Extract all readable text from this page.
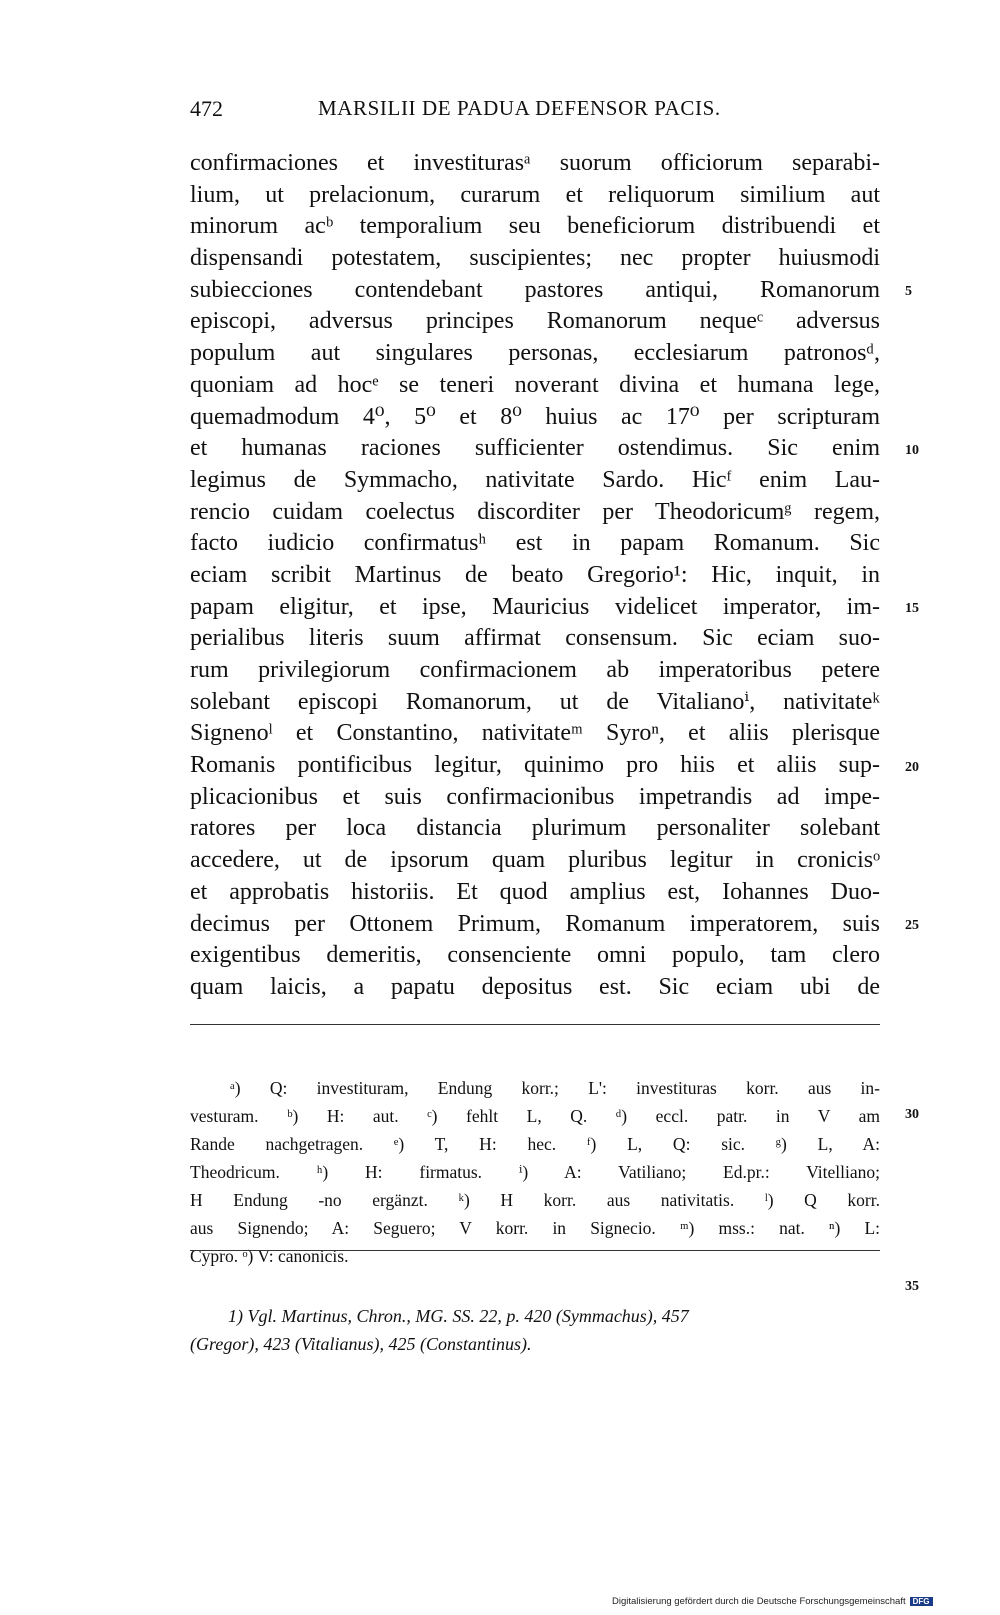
472	MARSILII DE PADUA DEFENSOR PACIS.
confirmaciones et investiturasᵃ suorum officiorum separabi-
lium, ut prelacionum, curarum et reliquorum similium aut
minorum acᵇ temporalium seu beneficiorum distribuendi et
dispensandi potestatem, suscipientes; nec propter huiusmodi
subiecciones contendebant pastores antiqui, Romanorum
episcopi, adversus principes Romanorum nequeᶜ adversus
populum aut singulares personas, ecclesiarum patronosᵈ,
quoniam ad hocᵉ se teneri noverant divina et humana lege,
quemadmodum 4⁰, 5⁰ et 8⁰ huius ac 17⁰ per scripturam
et humanas raciones sufficienter ostendimus. Sic enim
legimus de Symmacho, nativitate Sardo. Hicᶠ enim Lau-
rencio cuidam coelectus discorditer per Theodoricumᵍ regem,
facto iudicio confirmatusʰ est in papam Romanum. Sic
eciam scribit Martinus de beato Gregorio¹: Hic, inquit, in
papam eligitur, et ipse, Mauricius videlicet imperator, im-
perialibus literis suum affirmat consensum. Sic eciam suo-
rum privilegiorum confirmacionem ab imperatoribus petere
solebant episcopi Romanorum, ut de Vitalianoⁱ, nativitateᵏ
Signenoˡ et Constantino, nativitateᵐ Syroⁿ, et aliis plerisque
Romanis pontificibus legitur, quinimo pro hiis et aliis sup-
plicacionibus et suis confirmacionibus impetrandis ad impe-
ratores per loca distancia plurimum personaliter solebant
accedere, ut de ipsorum quam pluribus legitur in cronicisᵒ
et approbatis historiis. Et quod amplius est, Iohannes Duo-
decimus per Ottonem Primum, Romanum imperatorem, suis
exigentibus demeritis, consenciente omni populo, tam clero
quam laicis, a papatu depositus est. Sic eciam ubi de
5
10
15
20
25
30
35
ᵃ) Q: investituram, Endung korr.; L': investituras korr. aus in-
vesturam. ᵇ) H: aut. ᶜ) fehlt L, Q. ᵈ) eccl. patr. in V am
Rande nachgetragen. ᵉ) T, H: hec. ᶠ) L, Q: sic. ᵍ) L, A:
Theodricum. ʰ) H: firmatus. ⁱ) A: Vatiliano; Ed.pr.: Vitelliano;
H Endung -no ergänzt. ᵏ) H korr. aus nativitatis. ˡ) Q korr.
aus Signendo; A: Seguero; V korr. in Signecio. ᵐ) mss.: nat. ⁿ) L:
Cypro. ᵒ) V: canonicis.
1) Vgl. Martinus, Chron., MG. SS. 22, p. 420 (Symmachus), 457
(Gregor), 423 (Vitalianus), 425 (Constantinus).
Digitalisierung gefördert durch die Deutsche Forschungsgemeinschaft DFG
